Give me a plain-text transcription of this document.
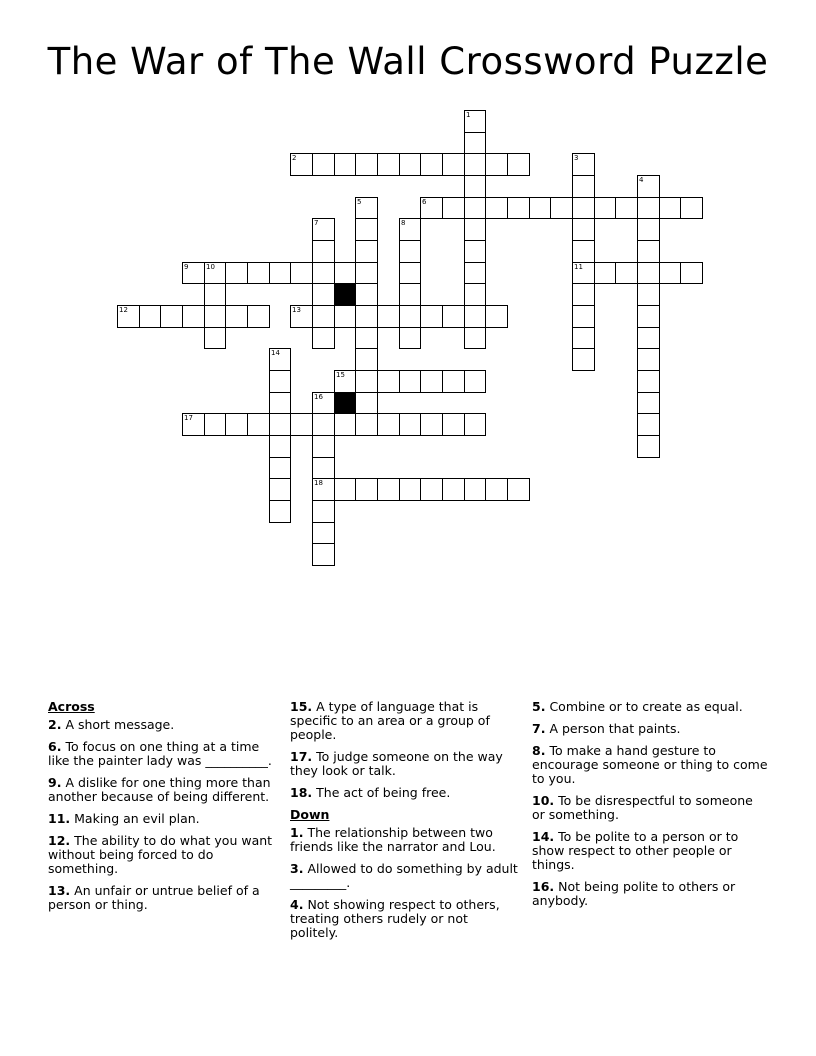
The War of The Wall Crossword Puzzle
1
2	3
11
4
5	6
7	8
9	10
12	13
14
15
16
18
17
Across
2. A short message.
6. To focus on one thing at a time like the painter lady was __________.
9. A dislike for one thing more than another because of being different.
11. Making an evil plan.
12. The ability to do what you want without being forced to do something.
13. An unfair or untrue belief of a person or thing.
15. A type of language that is specific to an area or a group of people.
17. To judge someone on the way they look or talk.
18. The act of being free.
Down
1. The relationship between two friends like the narrator and Lou.
3. Allowed to do something by adult _________.
4. Not showing respect to others, treating others rudely or not politely.
5. Combine or to create as equal.
7. A person that paints.
8. To make a hand gesture to encourage someone or thing to come to you.
10. To be disrespectful to someone or something.
14. To be polite to a person or to show respect to other people or things.
16. Not being polite to others or anybody.
